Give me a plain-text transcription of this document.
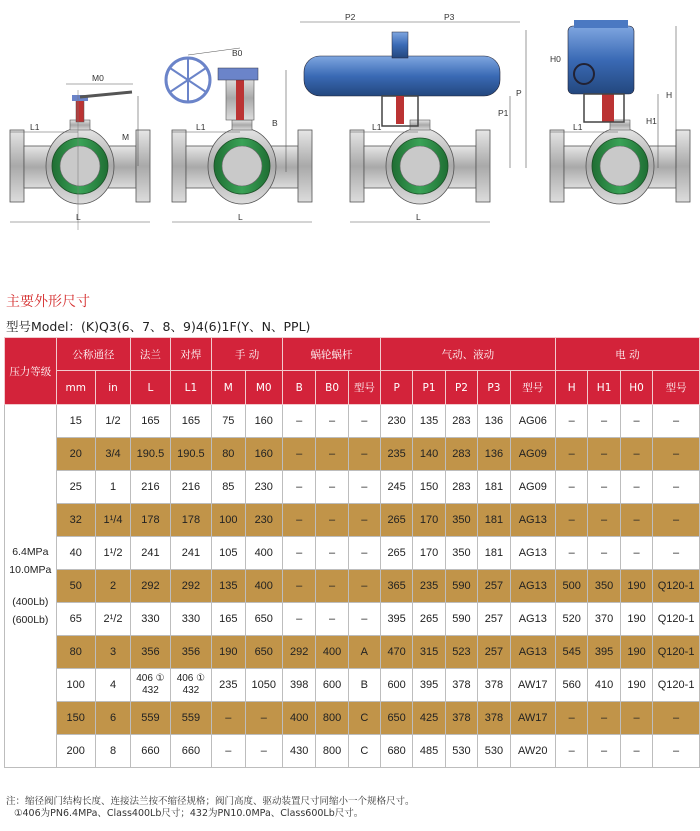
M0
L1
M
L
B0
L1	B
L
P2	P3
L1
P1
P
L
H0
L1
H1
H
主要外形尺寸
型号Model：(K)Q3(6、7、8、9)4(6)1F(Y、N、PPL)
压力等级	公称通径		法兰	对焊	手 动		蜗轮蜗杆			气动、液动					电 动			
	mm	in	L	L1	M	M0	B	B0	型号	P	P1	P2	P3	型号	H	H1	H0	型号

6.4MPa
10.0MPa
(400Lb)
(600Lb)	15	1/2	165	165	75	160	–	–	–	230	135	283	136	AG06	–	–	–	–
	20	3/4	190.5	190.5	80	160	–	–	–	235	140	283	136	AG09	–	–	–	–
	25	1	216	216	85	230	–	–	–	245	150	283	181	AG09	–	–	–	–
	32	1¹/4	178	178	100	230	–	–	–	265	170	350	181	AG13	–	–	–	–
	40	1¹/2	241	241	105	400	–	–	–	265	170	350	181	AG13	–	–	–	–
	50	2	292	292	135	400	–	–	–	365	235	590	257	AG13	500	350	190	Q120-1
	65	2¹/2	330	330	165	650	–	–	–	395	265	590	257	AG13	520	370	190	Q120-1
	80	3	356	356	190	650	292	400	A	470	315	523	257	AG13	545	395	190	Q120-1
	100	4	406 ① 432	406 ① 432	235	1050	398	600	B	600	395	378	378	AW17	560	410	190	Q120-1
	150	6	559	559	–	–	400	800	C	650	425	378	378	AW17	–	–	–	–
	200	8	660	660	–	–	430	800	C	680	485	530	530	AW20	–	–	–	–
注：缩径阀门结构长度、连接法兰按不缩径规格；阀门高度、驱动装置尺寸同缩小一个规格尺寸。
①406为PN6.4MPa、Class400Lb尺寸；432为PN10.0MPa、Class600Lb尺寸。
